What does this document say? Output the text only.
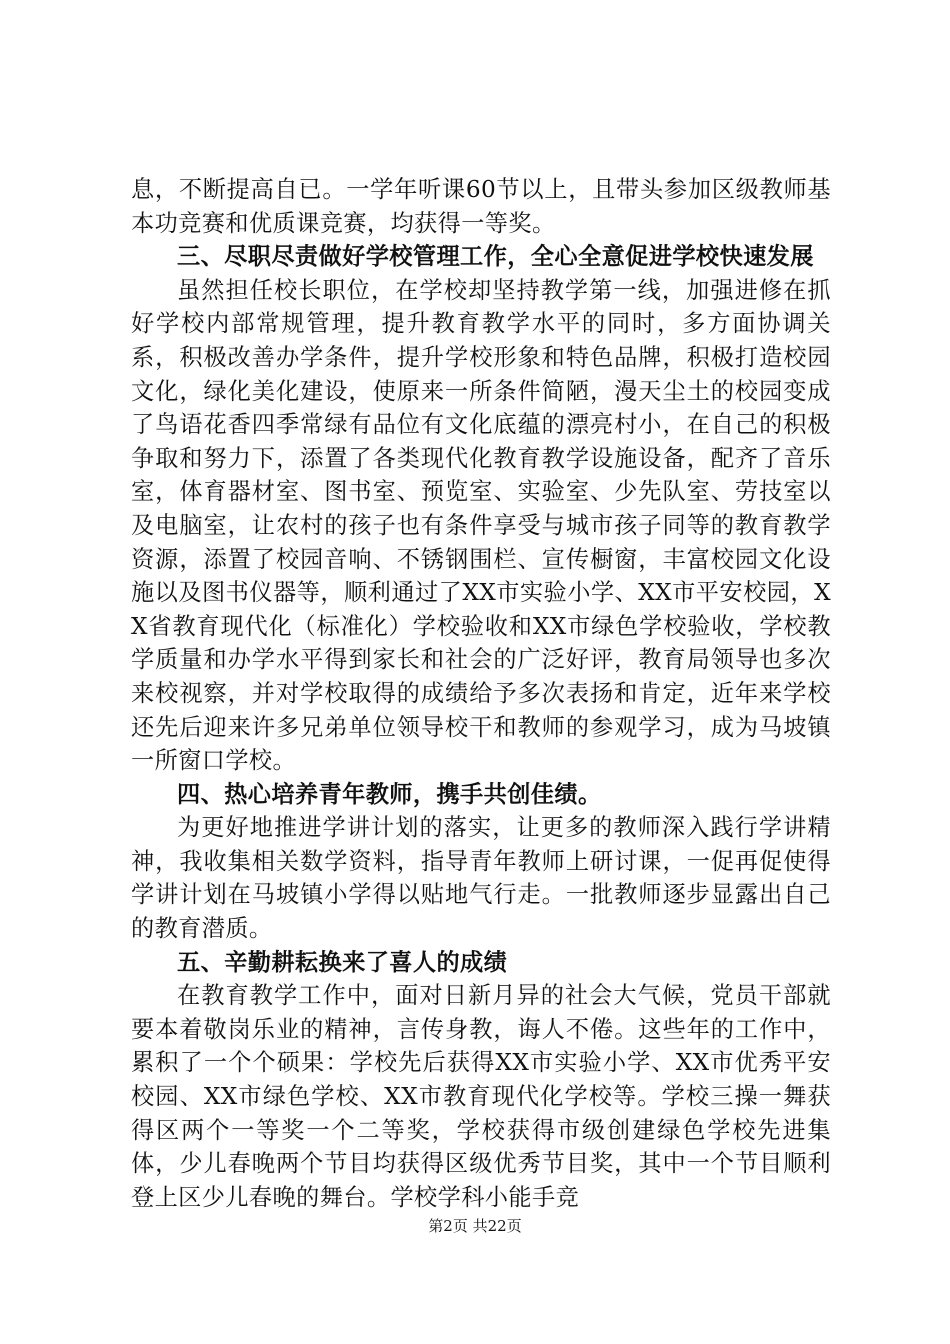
息，不断提高自已。一学年听课60节以上，且带头参加区级教师基本功竞赛和优质课竞赛，均获得一等奖。

三、尽职尽责做好学校管理工作，全心全意促进学校快速发展

虽然担任校长职位，在学校却坚持教学第一线，加强进修在抓好学校内部常规管理，提升教育教学水平的同时，多方面协调关系，积极改善办学条件，提升学校形象和特色品牌，积极打造校园文化，绿化美化建设，使原来一所条件简陋，漫天尘土的校园变成了鸟语花香四季常绿有品位有文化底蕴的漂亮村小，在自己的积极争取和努力下，添置了各类现代化教育教学设施设备，配齐了音乐室，体育器材室、图书室、预览室、实验室、少先队室、劳技室以及电脑室，让农村的孩子也有条件享受与城市孩子同等的教育教学资源，添置了校园音响、不锈钢围栏、宣传橱窗，丰富校园文化设施以及图书仪器等，顺利通过了XX市实验小学、XX市平安校园，XX省教育现代化（标准化）学校验收和XX市绿色学校验收，学校教学质量和办学水平得到家长和社会的广泛好评，教育局领导也多次来校视察，并对学校取得的成绩给予多次表扬和肯定，近年来学校还先后迎来许多兄弟单位领导校干和教师的参观学习，成为马坡镇一所窗口学校。

四、热心培养青年教师，携手共创佳绩。

为更好地推进学讲计划的落实，让更多的教师深入践行学讲精神，我收集相关数学资料，指导青年教师上研讨课，一促再促使得学讲计划在马坡镇小学得以贴地气行走。一批教师逐步显露出自己的教育潜质。

五、辛勤耕耘换来了喜人的成绩

在教育教学工作中，面对日新月异的社会大气候，党员干部就要本着敬岗乐业的精神，言传身教，诲人不倦。这些年的工作中，累积了一个个硕果：学校先后获得XX市实验小学、XX市优秀平安校园、XX市绿色学校、XX市教育现代化学校等。学校三操一舞获得区两个一等奖一个二等奖，学校获得市级创建绿色学校先进集体，少儿春晚两个节目均获得区级优秀节目奖，其中一个节目顺利登上区少儿春晚的舞台。学校学科小能手竞

第2页 共22页
